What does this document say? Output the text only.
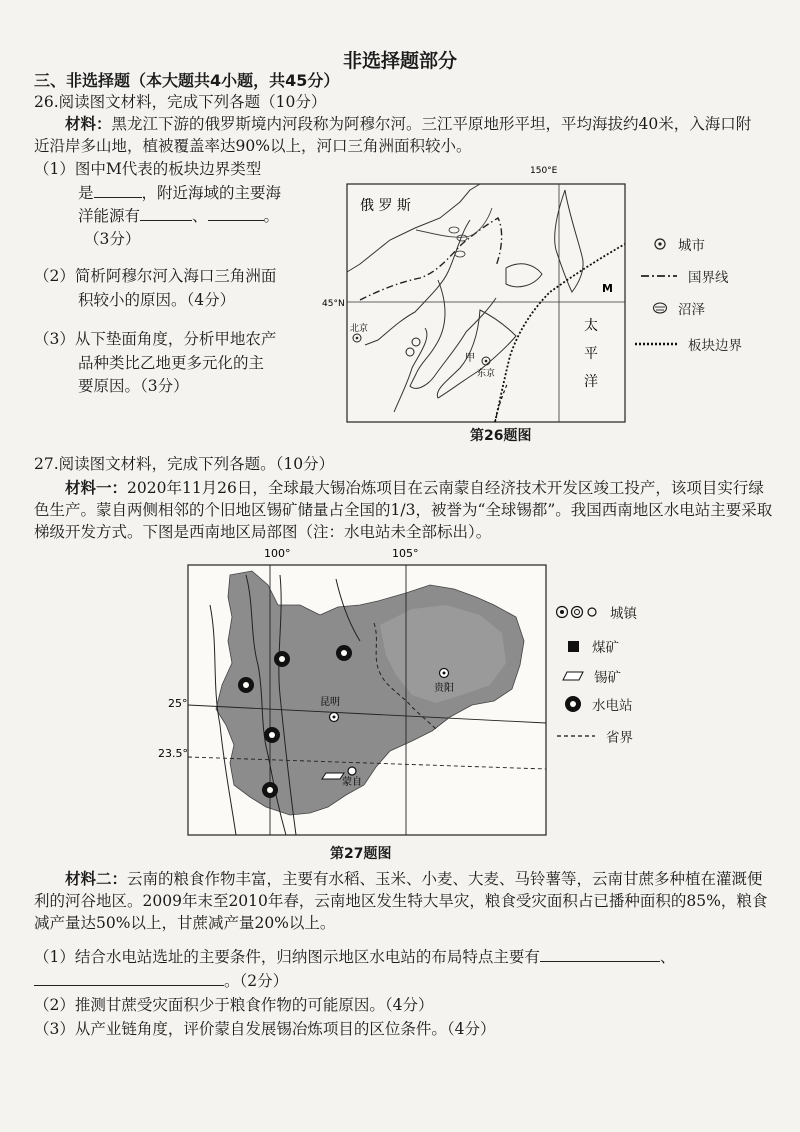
非选择题部分
三、非选择题（本大题共4小题，共45分）
26.阅读图文材料，完成下列各题（10分）
材料：黑龙江下游的俄罗斯境内河段称为阿穆尔河。三江平原地形平坦，平均海拔约40米，入海口附近沿岸多山地，植被覆盖率达90%以上，河口三角洲面积较小。
（1）图中M代表的板块边界类型
是	，附近海域的主要海
洋能源有	、	。
（3分）
（2）简析阿穆尔河入海口三角洲面
积较小的原因。（4分）
（3）从下垫面角度，分析甲地农产
品种类比乙地更多元化的主
要原因。（3分）
150°E
45°N
俄 罗 斯
北京
东京
甲
M
太
平
洋
第26题图
城市
国界线
沼泽
板块边界
27.阅读图文材料，完成下列各题。（10分）
材料一：2020年11月26日，全球最大锡冶炼项目在云南蒙自经济技术开发区竣工投产，该项目实行绿色生产。蒙自两侧相邻的个旧地区锡矿储量占全国的1/3，被誉为“全球锡都”。我国西南地区水电站主要采取梯级开发方式。下图是西南地区局部图（注：水电站未全部标出）。
100°	105°
25°
23.5°
昆明
贵阳
蒙自
第27题图
城镇
煤矿
锡矿
水电站
省界
材料二：云南的粮食作物丰富，主要有水稻、玉米、小麦、大麦、马铃薯等，云南甘蔗多种植在灌溉便利的河谷地区。2009年末至2010年春，云南地区发生特大旱灾，粮食受灾面积占已播种面积的85%，粮食减产量达50%以上，甘蔗减产量20%以上。
（1）结合水电站选址的主要条件，归纳图示地区水电站的布局特点主要有	、
。（2分）
（2）推测甘蔗受灾面积少于粮食作物的可能原因。（4分）
（3）从产业链角度，评价蒙自发展锡冶炼项目的区位条件。（4分）
